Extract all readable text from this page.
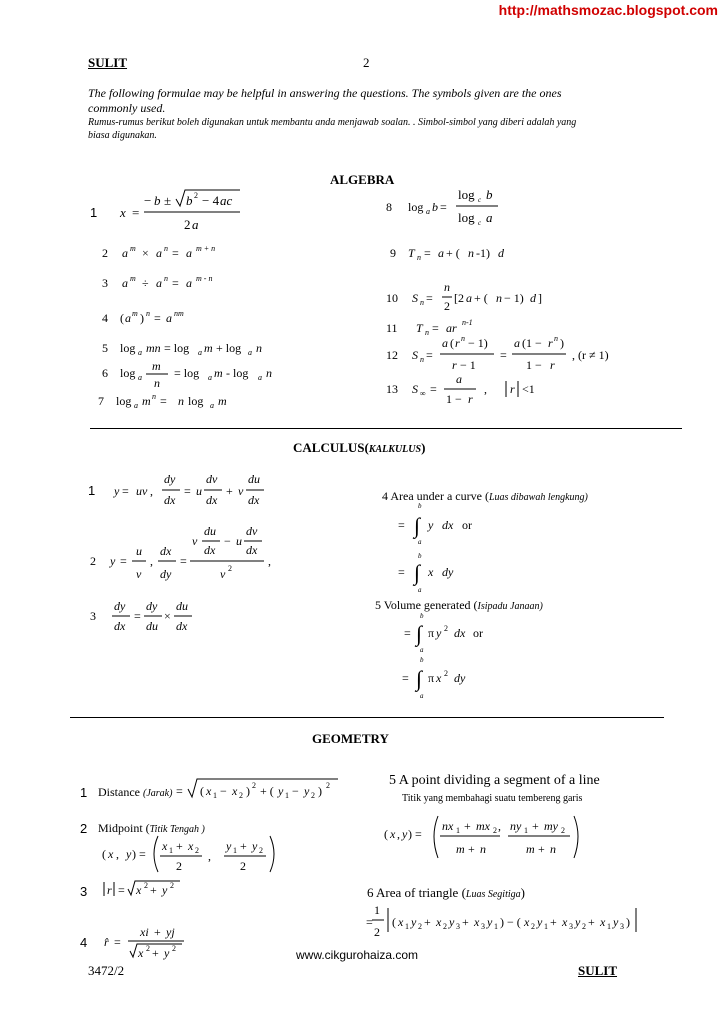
http://mathsmozac.blogspot.com
SULIT	2
The following formulae may be helpful in answering the questions. The symbols given are the ones
commonly used.
Rumus-rumus berikut boleh digunakan untuk membantu anda menjawab soalan. . Simbol-simbol yang diberi adalah yang
biasa digunakan.
ALGEBRA
1 x =
− b ± b 2 − 4 ac
2 a
2 a m × a n = a m + n
3 a m ÷ a n = a m - n
4 ( a m ) n = a nm
5 log a mn = log a m + log a n
6 log a
m
n
= log a m - log a n
7 log a m n = n log a m
8 log a b =
log c b
log c a
9 T n = a + ( n -1) d
10 S n =
n
2
[2 a + ( n − 1) d ]
11 T n = ar n-1
12 S n =
a ( r n − 1)
r − 1
=
a (1 − r n )
1 − r
, (r ≠ 1)
13 S ∞ =
a
1 − r
, r <1
CALCULUS(KALKULUS)
1 y = uv ,
dy
dx
= u
dv
dx
+ v
du
dx
2 y =
u
v
,
dx
dy
=
v
du
dx
− u
dv
dx
v 2
,
3
dy
dx
=
dy
du
×
du
dx
4 Area under a curve (Luas dibawah lengkung)
b
= ∫ y dx
a
b
= ∫ x dy
a
or
5 Volume generated (Isipadu Janaan)
b
= ∫ π y 2 dx
a
b
= ∫ π x 2 dy
a
or
GEOMETRY
1 Distance (Jarak) = ( x 1 − x 2 ) 2 + ( y 1 − y 2 ) 2
2 Midpoint (Titik Tengah )
( x , y ) =
x 1 + x 2
2
,
y 1 + y 2
2
3 r = x 2 + y 2
4 r̂ =
xi + yj
x 2 + y 2
5 A point dividing a segment of a line
Titik yang membahagi suatu tembereng garis
( x , y ) =
nx 1 + mx 2 ,
m + n
ny 1 + my 2
m + n
6 Area of triangle (Luas Segitiga)
1
=
2
( x 1 y 2 + x 2 y 3 + x 3 y 1 ) − ( x 2 y 1 + x 3 y 2 + x 1 y 3 )
www.cikgurohaiza.com
3472/2	SULIT
